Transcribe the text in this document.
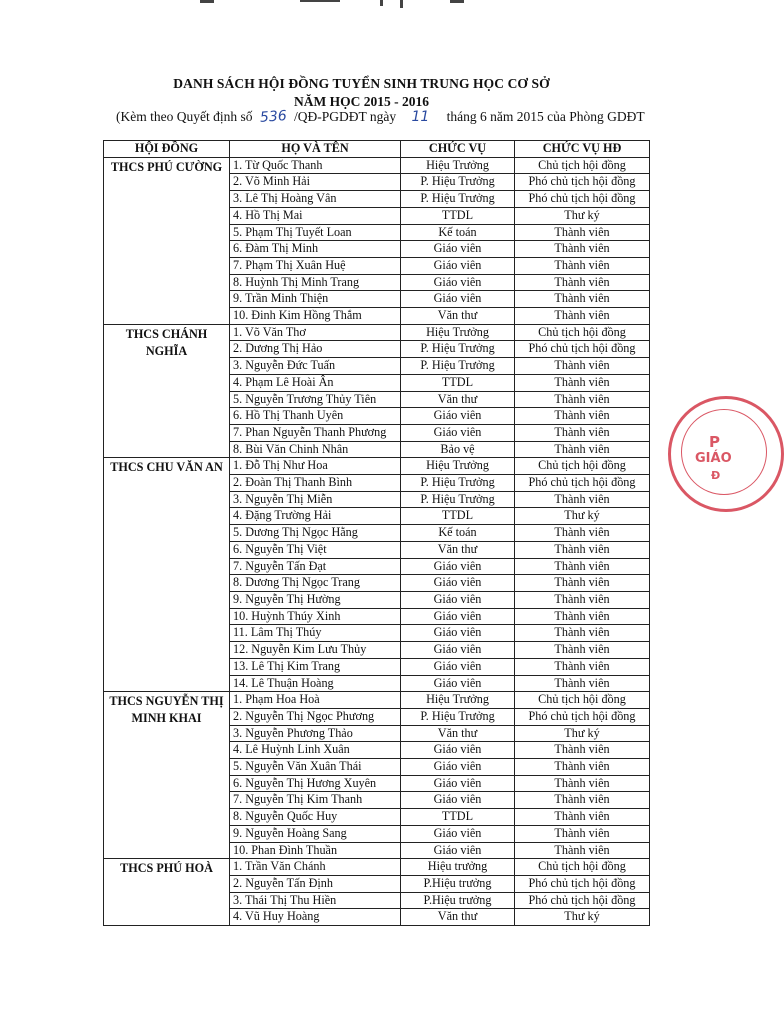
DANH SÁCH HỘI ĐỒNG TUYỂN SINH TRUNG HỌC CƠ SỞ
NĂM HỌC 2015 - 2016
(Kèm theo Quyết định số 536 /QĐ-PGDĐT ngày 11 tháng 6 năm 2015 của Phòng GDĐT
HỘI ĐỒNG	HỌ VÀ TÊN	CHỨC VỤ	CHỨC VỤ HĐ
THCS PHÚ CƯỜNG	1. Từ Quốc Thanh	Hiệu Trưởng	Chủ tịch hội đồng
	2. Võ Minh Hải	P. Hiệu Trưởng	Phó chủ tịch hội đồng
	3. Lê Thị Hoàng Vân	P. Hiệu Trưởng	Phó chủ tịch hội đồng
	4. Hồ Thị Mai	TTDL	Thư ký
	5. Phạm Thị Tuyết Loan	Kế toán	Thành viên
	6. Đàm Thị Minh	Giáo viên	Thành viên
	7. Phạm Thị Xuân Huệ	Giáo viên	Thành viên
	8. Huỳnh Thị Minh Trang	Giáo viên	Thành viên
	9. Trần Minh Thiện	Giáo viên	Thành viên
	10. Đinh Kim Hồng Thắm	Văn thư	Thành viên
THCS CHÁNH NGHĨA	1. Võ Văn Thơ	Hiệu Trưởng	Chủ tịch hội đồng
	2. Dương Thị Hảo	P. Hiệu Trưởng	Phó chủ tịch hội đồng
	3. Nguyễn Đức Tuấn	P. Hiệu Trưởng	Thành viên
	4. Phạm Lê Hoài Ân	TTDL	Thành viên
	5. Nguyễn Trương Thủy Tiên	Văn thư	Thành viên
	6. Hồ Thị Thanh Uyên	Giáo viên	Thành viên
	7. Phan Nguyễn Thanh Phương	Giáo viên	Thành viên
	8. Bùi Văn Chinh Nhân	Bảo vệ	Thành viên
THCS CHU VĂN AN	1. Đỗ Thị Như Hoa	Hiệu Trưởng	Chủ tịch hội đồng
	2. Đoàn Thị Thanh Bình	P. Hiệu Trưởng	Phó chủ tịch hội đồng
	3. Nguyễn Thị Miễn	P. Hiệu Trưởng	Thành viên
	4. Đặng Trường Hải	TTDL	Thư ký
	5. Dương Thị Ngọc Hằng	Kế toán	Thành viên
	6. Nguyễn Thị Việt	Văn thư	Thành viên
	7. Nguyễn Tấn Đạt	Giáo viên	Thành viên
	8. Dương Thị Ngọc Trang	Giáo viên	Thành viên
	9. Nguyễn Thị Hường	Giáo viên	Thành viên
	10. Huỳnh Thúy Xinh	Giáo viên	Thành viên
	11. Lâm Thị Thúy	Giáo viên	Thành viên
	12. Nguyễn Kim Lưu Thủy	Giáo viên	Thành viên
	13. Lê Thị Kim Trang	Giáo viên	Thành viên
	14. Lê Thuận Hoàng	Giáo viên	Thành viên
THCS NGUYỄN THỊ MINH KHAI	1. Phạm Hoa Hoà	Hiệu Trưởng	Chủ tịch hội đồng
	2. Nguyễn Thị Ngọc Phương	P. Hiệu Trưởng	Phó chủ tịch hội đồng
	3. Nguyễn Phương Thảo	Văn thư	Thư ký
	4. Lê Huỳnh Linh Xuân	Giáo viên	Thành viên
	5. Nguyễn Văn Xuân Thái	Giáo viên	Thành viên
	6. Nguyễn Thị Hương Xuyên	Giáo viên	Thành viên
	7. Nguyễn Thị Kim Thanh	Giáo viên	Thành viên
	8. Nguyễn Quốc Huy	TTDL	Thành viên
	9. Nguyễn Hoàng Sang	Giáo viên	Thành viên
	10. Phan Đình Thuần	Giáo viên	Thành viên
THCS PHÚ HOÀ	1. Trần Văn Chánh	Hiệu trưởng	Chủ tịch hội đồng
	2. Nguyễn Tấn Định	P.Hiệu trưởng	Phó chủ tịch hội đồng
	3. Thái Thị Thu Hiền	P.Hiệu trưởng	Phó chủ tịch hội đồng
	4. Vũ Huy Hoàng	Văn thư	Thư ký
P
GIÁO
Đ
